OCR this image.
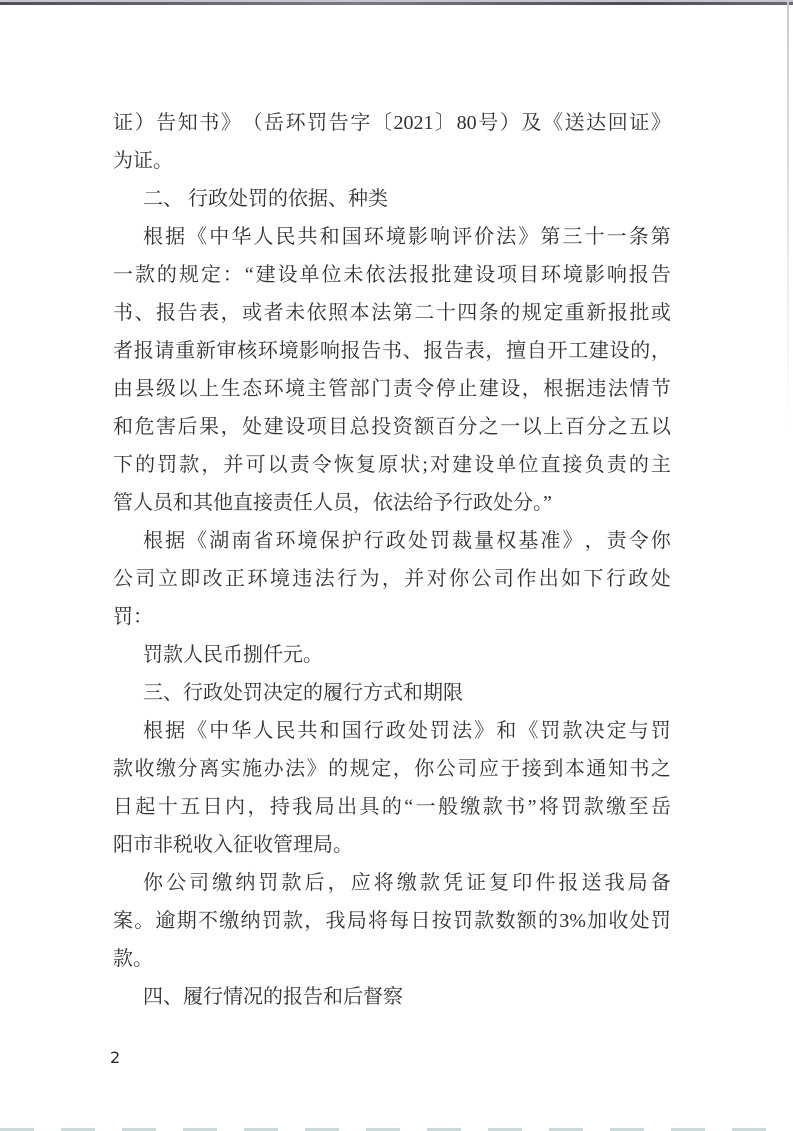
证 ） 告 知 书 》 （ 岳 环 罚 告 字 〔 2021 〕 80 号 ） 及 《 送 达 回 证 》
为证。
二、 行政处罚的依据、种类
根 据 《 中 华 人 民 共 和 国 环 境 影 响 评 价 法 》 第 三 十 一 条 第
一 款 的 规 定 ： “ 建 设 单 位 未 依 法 报 批 建 设 项 目 环 境 影 响 报 告
书 、 报 告 表 ， 或 者 未 依 照 本 法 第 二 十 四 条 的 规 定 重 新 报 批 或
者 报 请 重 新 审 核 环 境 影 响 报 告 书 、 报 告 表 ， 擅 自 开 工 建 设 的 ，
由 县 级 以 上 生 态 环 境 主 管 部 门 责 令 停 止 建 设 ， 根 据 违 法 情 节
和 危 害 后 果 ， 处 建 设 项 目 总 投 资 额 百 分 之 一 以 上 百 分 之 五 以
下 的 罚 款 ， 并 可 以 责 令 恢 复 原 状 ; 对 建 设 单 位 直 接 负 责 的 主
管人员和其他直接责任人员，依法给予行政处分。”
根 据 《 湖 南 省 环 境 保 护 行 政 处 罚 裁 量 权 基 准 》 ， 责 令 你
公 司 立 即 改 正 环 境 违 法 行 为 ， 并 对 你 公 司 作 出 如 下 行 政 处
罚：
罚款人民币捌仟元。
三、行政处罚决定的履行方式和期限
根 据 《 中 华 人 民 共 和 国 行 政 处 罚 法 》 和 《 罚 款 决 定 与 罚
款 收 缴 分 离 实 施 办 法 》 的 规 定 ， 你 公 司 应 于 接 到 本 通 知 书 之
日 起 十 五 日 内 ， 持 我 局 出 具 的 “ 一 般 缴 款 书 ” 将 罚 款 缴 至 岳
阳市非税收入征收管理局。
你 公 司 缴 纳 罚 款 后 ， 应 将 缴 款 凭 证 复 印 件 报 送 我 局 备
案 。 逾 期 不 缴 纳 罚 款 ， 我 局 将 每 日 按 罚 款 数 额 的 3% 加 收 处 罚
款。
四、履行情况的报告和后督察
2
